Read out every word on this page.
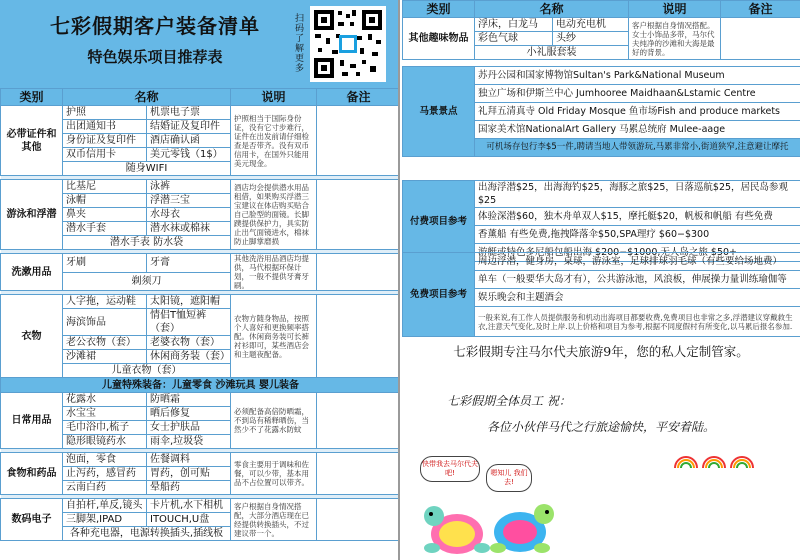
七彩假期客户装备清单
特色娱乐项目推荐表
扫码了解更多
类别	名称		说明	备注
必带证件和其他	护照	机票电子票	护照相当于国际身份证，没有它寸步难行，证件在出发前请仔细检查是否带齐。没有双币信用卡，在国外只能用美元现金。	
	出团通知书	结婚证及复印件		
	身份证及复印件	酒店确认函		
	双币信用卡	美元零钱（1$）		
	随身WIFI			

游泳和浮潜	比基尼	泳裤	酒店均会提供潜水用品租借，如果购买浮潜三宝建议在体店购买贴合自己脸型的面镜。长脚蹼提供保护力，具实防止出气面镜进水，棉袜防止脚掌磨损	
	泳帽	浮潜三宝		
	鼻夹	水母衣		
	潜水手套	潜水袜或棉袜		
	潜水手表 防水袋			

洗漱用品	牙刷	牙膏	其他洗浴用品酒店均提供，马代根据环保计划，一般不提供牙膏牙刷。	
	剃须刀			

衣物	人字拖，运动鞋	太阳镜，遮阳帽	衣物方随身物品，按照个人喜好和更换频率搭配。休闲商务装可长裤衬衫即可，某些酒店会和主题夜配备。	
	海滨饰品	情侣T恤短裤（套）		
	老公衣物（套）	老婆衣物（套）		
	沙滩裙	休闲商务装（套）		
	儿童衣物（套）			
儿童特殊装备：儿童零食 沙滩玩具 婴儿装备				
日常用品	花露水	防晒霜	必须配备高倍防晒霜，不到岛有稀释晒伤，当然少不了花露水防蚊	
	水宝宝	晒后修复		
	毛巾浴巾,梳子	女士护肤品		
	隐形眼镜药水	雨伞,垃圾袋		

食物和药品	泡面，零食	佐餐调料	零食主要用于调味和佐餐，可以少带，基本用品不占位置可以带齐。	
	止泻药，感冒药	胃药，创可贴		
	云南白药	晕船药		

数码电子	自拍杆,单反,镜头	卡片机,水下相机	客户根据自身情况搭配，大部分酒店现在已经提供转换插头，不过建议带一个。	
	三脚架,IPAD	ITOUCH,U盘		
	各种充电器，电源转换插头,插线板			
类别	名称		说明	备注
其他趣味物品	浮床，白龙马	电动充电机	客户根据自身情况搭配。女士小饰品多带，马尔代夫纯净的沙滩和大海是最好的背景。	
	彩色气球	头纱		
	小礼服套装			
马景景点	苏丹公园和国家博物馆Sultan's Park&National Museum
独立广场和伊斯兰中心 Jumhooree Maidhaan&Lstamic Centre
礼拜五清真寺 Old Friday Mosque 鱼市场Fish and produce markets
国家美术馆NationalArt Gallery 马累总统府 Mulee-aage
可机场存包行李$5一件,聘请当地人带领游玩,马累非常小,街道狭窄,注意避让摩托
付费项目参考	出海浮潜$25，出海海钓$25，海豚之旅$25，日落巡航$25，居民岛参观$25
体验深潜$60，独木舟单双人$15，摩托艇$20，帆板和帆船 有些免费
香薰船 有些免费,拖拽降落伞$50,SPA理疗 $60−$300
游艇或特色多尼船包船出海 $200−$1000,无人岛之旅 $50+
免费项目参考	周边浮潜，健身房，桌球，游泳室，足球排球羽毛球（有些要给场地费）
单车（一般要华大岛才有），公共游泳池，风浪板，伸展操力量训练瑜伽等
娱乐晚会和主题酒会
一般来说,有工作人员提供服务和机动出海项目都要收费,免费项目也非常之多,浮潜建议穿戴救生衣,注意天气变化,及时上岸.以上价格和项目为参考,根据不同度假村有所变化,以马累后报名参加.
七彩假期专注马尔代夫旅游9年，您的私人定制管家。
七彩假期全体员工 祝：
各位小伙伴马代之行旅途愉快，平安着陆。
快带我去马尔代夫吧!	嗯知儿 我们去!
